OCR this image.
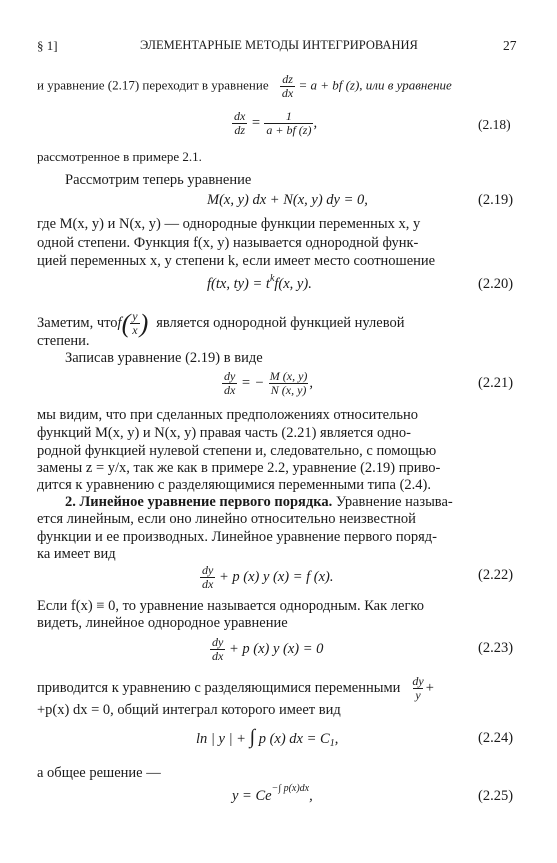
§ 1]	ЭЛЕМЕНТАРНЫЕ МЕТОДЫ ИНТЕГРИРОВАНИЯ	27
и уравнение (2.17) переходит в уравнение $\frac{dz}{dx} = a$ + bf (z), или в уравнение
$\frac{dx}{dz} = \frac{1}{a + bf (z)}$ ,	(2.18)
рассмотренное в примере 2.1.
Рассмотрим теперь уравнение
M(x, y) dx + N(x, y) dy = 0,	(2.19)
где M(x, y) и N(x, y) — однородные функции переменных x, y
одной степени. Функция f(x, y) называется однородной функ-
цией переменных x, y степени k, если имеет место соотношение
f(tx, $ty) = t^kf(x$, y).	(2.20)
Заметим, что f ( $\frac{y}{x}$ ) является однородной функцией нулевой
степени.
Записав уравнение (2.19) в виде
$\frac{dy}{dx}$ = − $\frac{M (x, y)}{N (x, y)}$ ,	(2.21)
мы видим, что при сделанных предположениях относительно
функций M(x, y) и N(x, y) правая часть (2.21) является одно-
родной функцией нулевой степени и, следовательно, с помощью
замены z = y/x, так же как в примере 2.2, уравнение (2.19) приво-
дится к уравнению с разделяющимися переменными типа (2.4).
2. Линейное уравнение первого порядка. Уравнение называ-
ется линейным, если оно линейно относительно неизвестной
функции и ее производных. Линейное уравнение первого поряд-
ка имеет вид
$\frac{dy}{dx} + p$ (x) y (x) = f (x).	(2.22)
Если f(x) ≡ 0, то уравнение называется однородным. Как легко
видеть, линейное однородное уравнение
$\frac{dy}{dx} + p$ (x) y (x) = 0	(2.23)
приводится к уравнению с разделяющимися переменными $\frac{dy}{y}$ +
+p(x) dx = 0, общий интеграл которого имеет вид
ln | y | + ∫ p (x) dx = $C_1$,	(2.24)
а общее решение —
$y = Ce^{-\int p(x)dx}$,	(2.25)
